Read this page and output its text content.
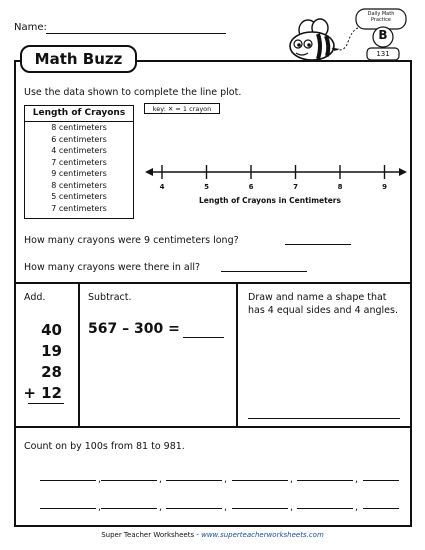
Name:
Daily Math
Practice
B
131
Math Buzz
Use the data shown to complete the line plot.
Length of Crayons
8 centimeters
6 centimeters
4 centimeters
7 centimeters
9 centimeters
8 centimeters
5 centimeters
7 centimeters
key: ✕ = 1 crayon
4	5	6	7	8	9
Length of Crayons in Centimeters
How many crayons were 9 centimeters long?
How many crayons were there in all?
Add.
40
19
28
+ 12
Subtract.
567 – 300 =
Draw and name a shape that has 4 equal sides and 4 angles.
Count on by 100s from 81 to 981.
,	,	,	,	,
,	,	,	,	,
Super Teacher Worksheets - www.superteacherworksheets.com
